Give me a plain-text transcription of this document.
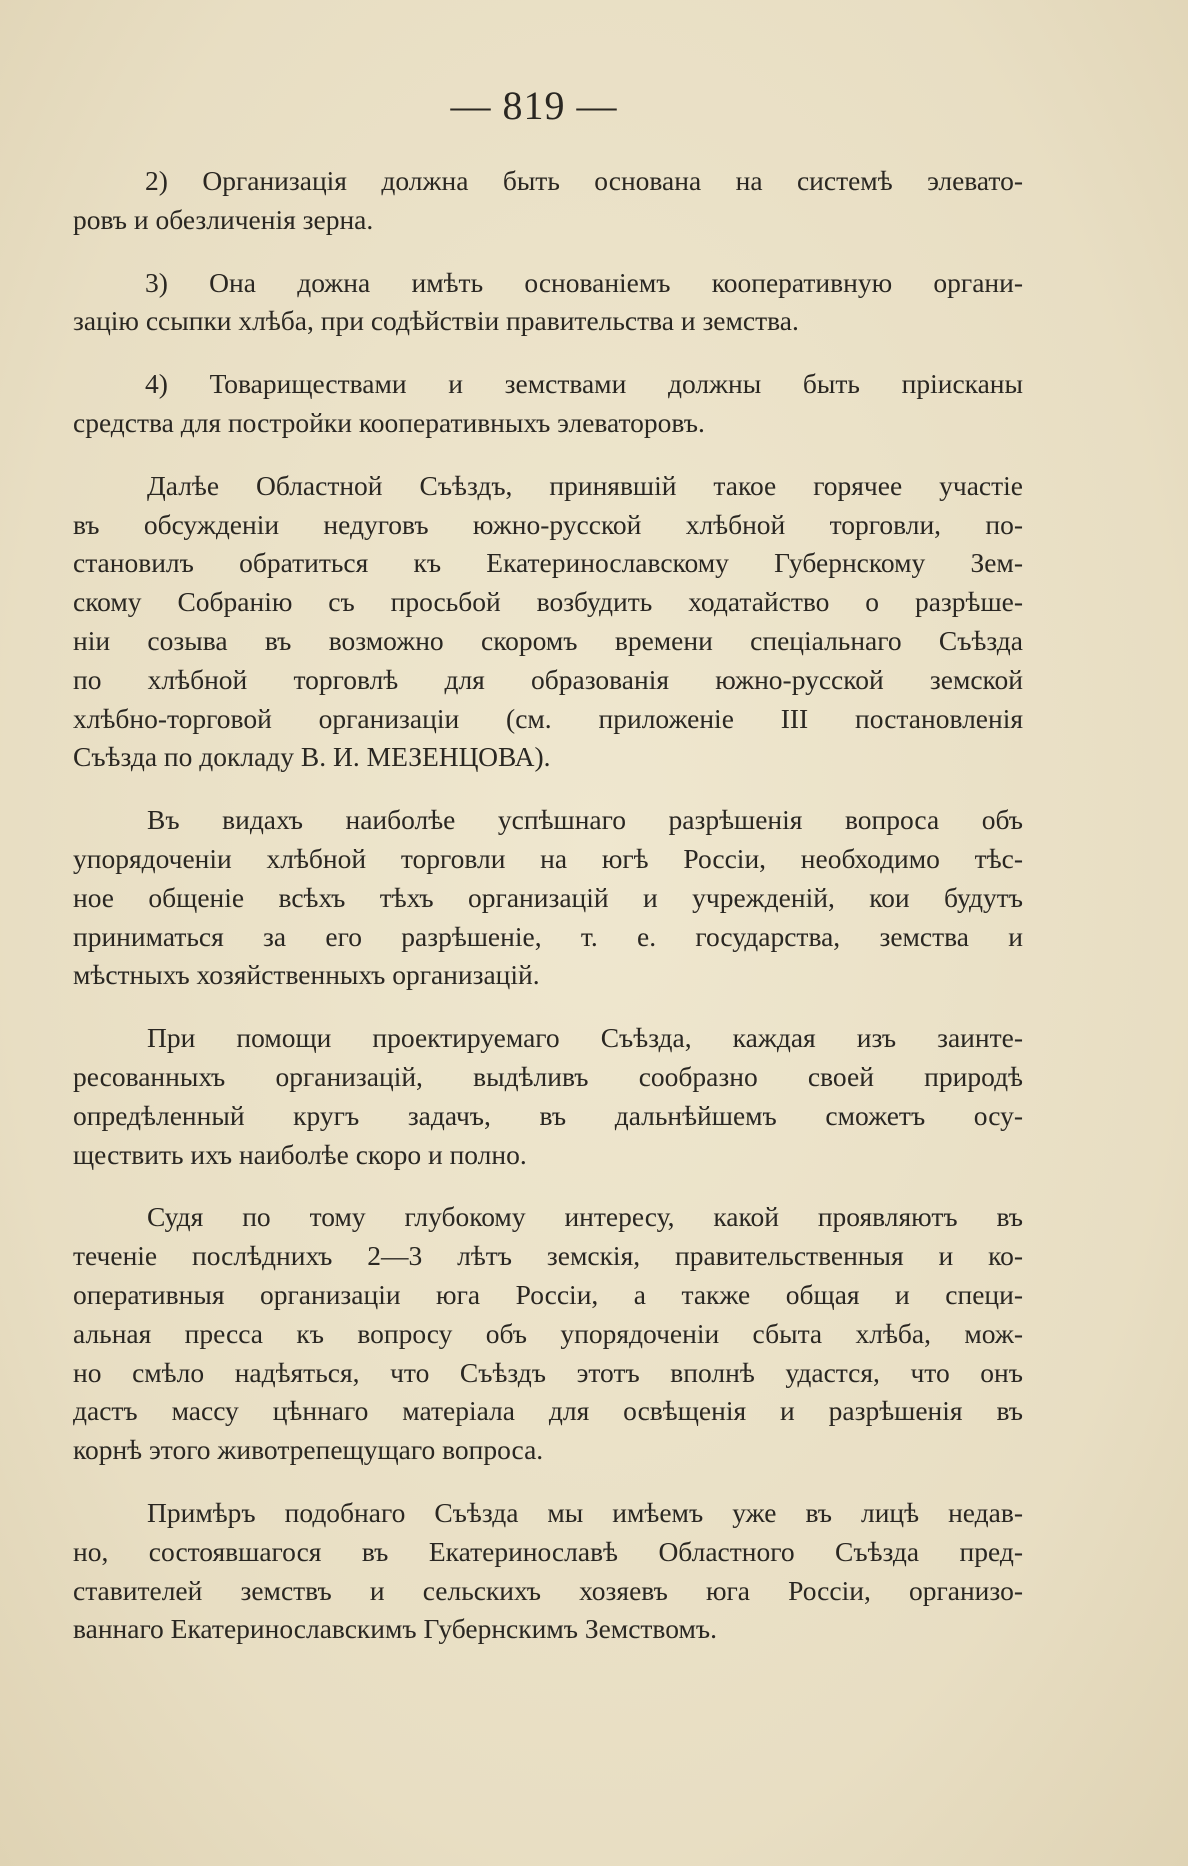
— 819 —

2) Организація должна быть основана на системѣ элевато-
ровъ и обезличенія зерна.

3) Она дожна имѣть основаніемъ кооперативную органи-
зацію ссыпки хлѣба, при содѣйствіи правительства и земства.

4) Товариществами и земствами должны быть пріисканы
средства для постройки кооперативныхъ элеваторовъ.

Далѣе Областной Съѣздъ, принявшій такое горячее участіе
въ обсужденіи недуговъ южно-русской хлѣбной торговли, по-
становилъ обратиться къ Екатеринославскому Губернскому Зем-
скому Собранію съ просьбой возбудить ходатайство о разрѣше-
ніи созыва въ возможно скоромъ времени спеціальнаго Съѣзда
по хлѣбной торговлѣ для образованія южно-русской земской
хлѣбно-торговой организаціи (см. приложеніе III постановленія
Съѣзда по докладу В. И. МЕЗЕНЦОВА).

Въ видахъ наиболѣе успѣшнаго разрѣшенія вопроса объ
упорядоченіи хлѣбной торговли на югѣ Россіи, необходимо тѣс-
ное общеніе всѣхъ тѣхъ организацій и учрежденій, кои будутъ
приниматься за его разрѣшеніе, т. е. государства, земства и
мѣстныхъ хозяйственныхъ организацій.

При помощи проектируемаго Съѣзда, каждая изъ заинте-
ресованныхъ организацій, выдѣливъ сообразно своей природѣ
опредѣленный кругъ задачъ, въ дальнѣйшемъ сможетъ осу-
ществить ихъ наиболѣе скоро и полно.

Судя по тому глубокому интересу, какой проявляютъ въ
теченіе послѣднихъ 2—3 лѣтъ земскія, правительственныя и ко-
оперативныя организаціи юга Россіи, а также общая и специ-
альная пресса къ вопросу объ упорядоченіи сбыта хлѣба, мож-
но смѣло надѣяться, что Съѣздъ этотъ вполнѣ удастся, что онъ
дастъ массу цѣннаго матеріала для освѣщенія и разрѣшенія въ
корнѣ этого животрепещущаго вопроса.

Примѣръ подобнаго Съѣзда мы имѣемъ уже въ лицѣ недав-
но, состоявшагося въ Екатеринославѣ Областного Съѣзда пред-
ставителей земствъ и сельскихъ хозяевъ юга Россіи, организо-
ваннаго Екатеринославскимъ Губернскимъ Земствомъ.
